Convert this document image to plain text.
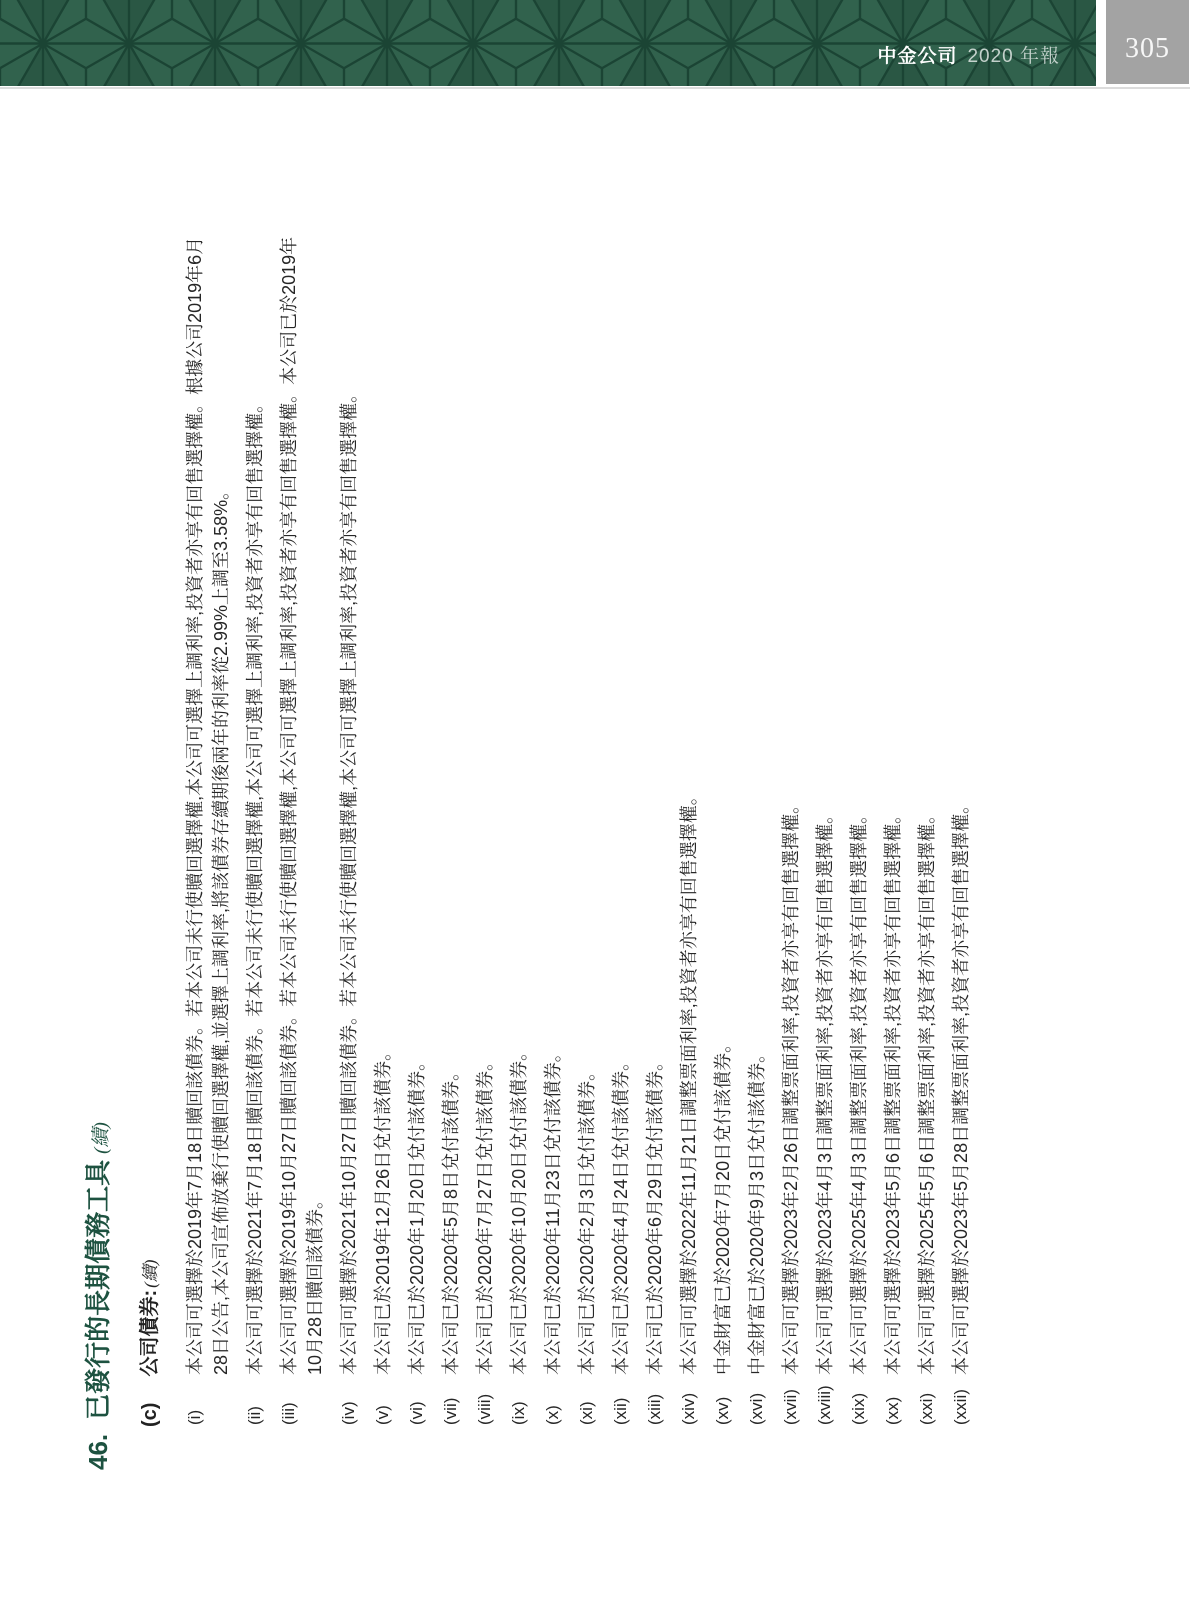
中金公司 2020 年報 305
46.已發行的長期債務工具(續)
(c)公司債券:(續)
(i)

本公司可選擇於2019年7月18日贖回該債券。若本公司未行使贖回選擇權,本公司可選擇上調利率,投資者亦享有回售選擇權。根據公司2019年6月28日公告,本公司宣佈放棄行使贖回選擇權,並選擇上調利率,將該債券存續期後兩年的利率從2.99%上調至3.58%。

(ii)

本公司可選擇於2021年7月18日贖回該債券。若本公司未行使贖回選擇權,本公司可選擇上調利率,投資者亦享有回售選擇權。

(iii)

本公司可選擇於2019年10月27日贖回該債券。若本公司未行使贖回選擇權,本公司可選擇上調利率,投資者亦享有回售選擇權。本公司已於2019年10月28日贖回該債券。

(iv)

本公司可選擇於2021年10月27日贖回該債券。若本公司未行使贖回選擇權,本公司可選擇上調利率,投資者亦享有回售選擇權。

(v)

本公司已於2019年12月26日兌付該債券。

(vi)

本公司已於2020年1月20日兌付該債券。

(vii)

本公司已於2020年5月8日兌付該債券。

(viii)

本公司已於2020年7月27日兌付該債券。

(ix)

本公司已於2020年10月20日兌付該債券。

(x)

本公司已於2020年11月23日兌付該債券。

(xi)

本公司已於2020年2月3日兌付該債券。

(xii)

本公司已於2020年4月24日兌付該債券。

(xiii)

本公司已於2020年6月29日兌付該債券。

(xiv)

本公司可選擇於2022年11月21日調整票面利率,投資者亦享有回售選擇權。

(xv)

中金財富已於2020年7月20日兌付該債券。

(xvi)

中金財富已於2020年9月3日兌付該債券。

(xvii)

本公司可選擇於2023年2月26日調整票面利率,投資者亦享有回售選擇權。

(xviii)

本公司可選擇於2023年4月3日調整票面利率,投資者亦享有回售選擇權。

(xix)

本公司可選擇於2025年4月3日調整票面利率,投資者亦享有回售選擇權。

(xx)

本公司可選擇於2023年5月6日調整票面利率,投資者亦享有回售選擇權。

(xxi)

本公司可選擇於2025年5月6日調整票面利率,投資者亦享有回售選擇權。

(xxii)

本公司可選擇於2023年5月28日調整票面利率,投資者亦享有回售選擇權。
